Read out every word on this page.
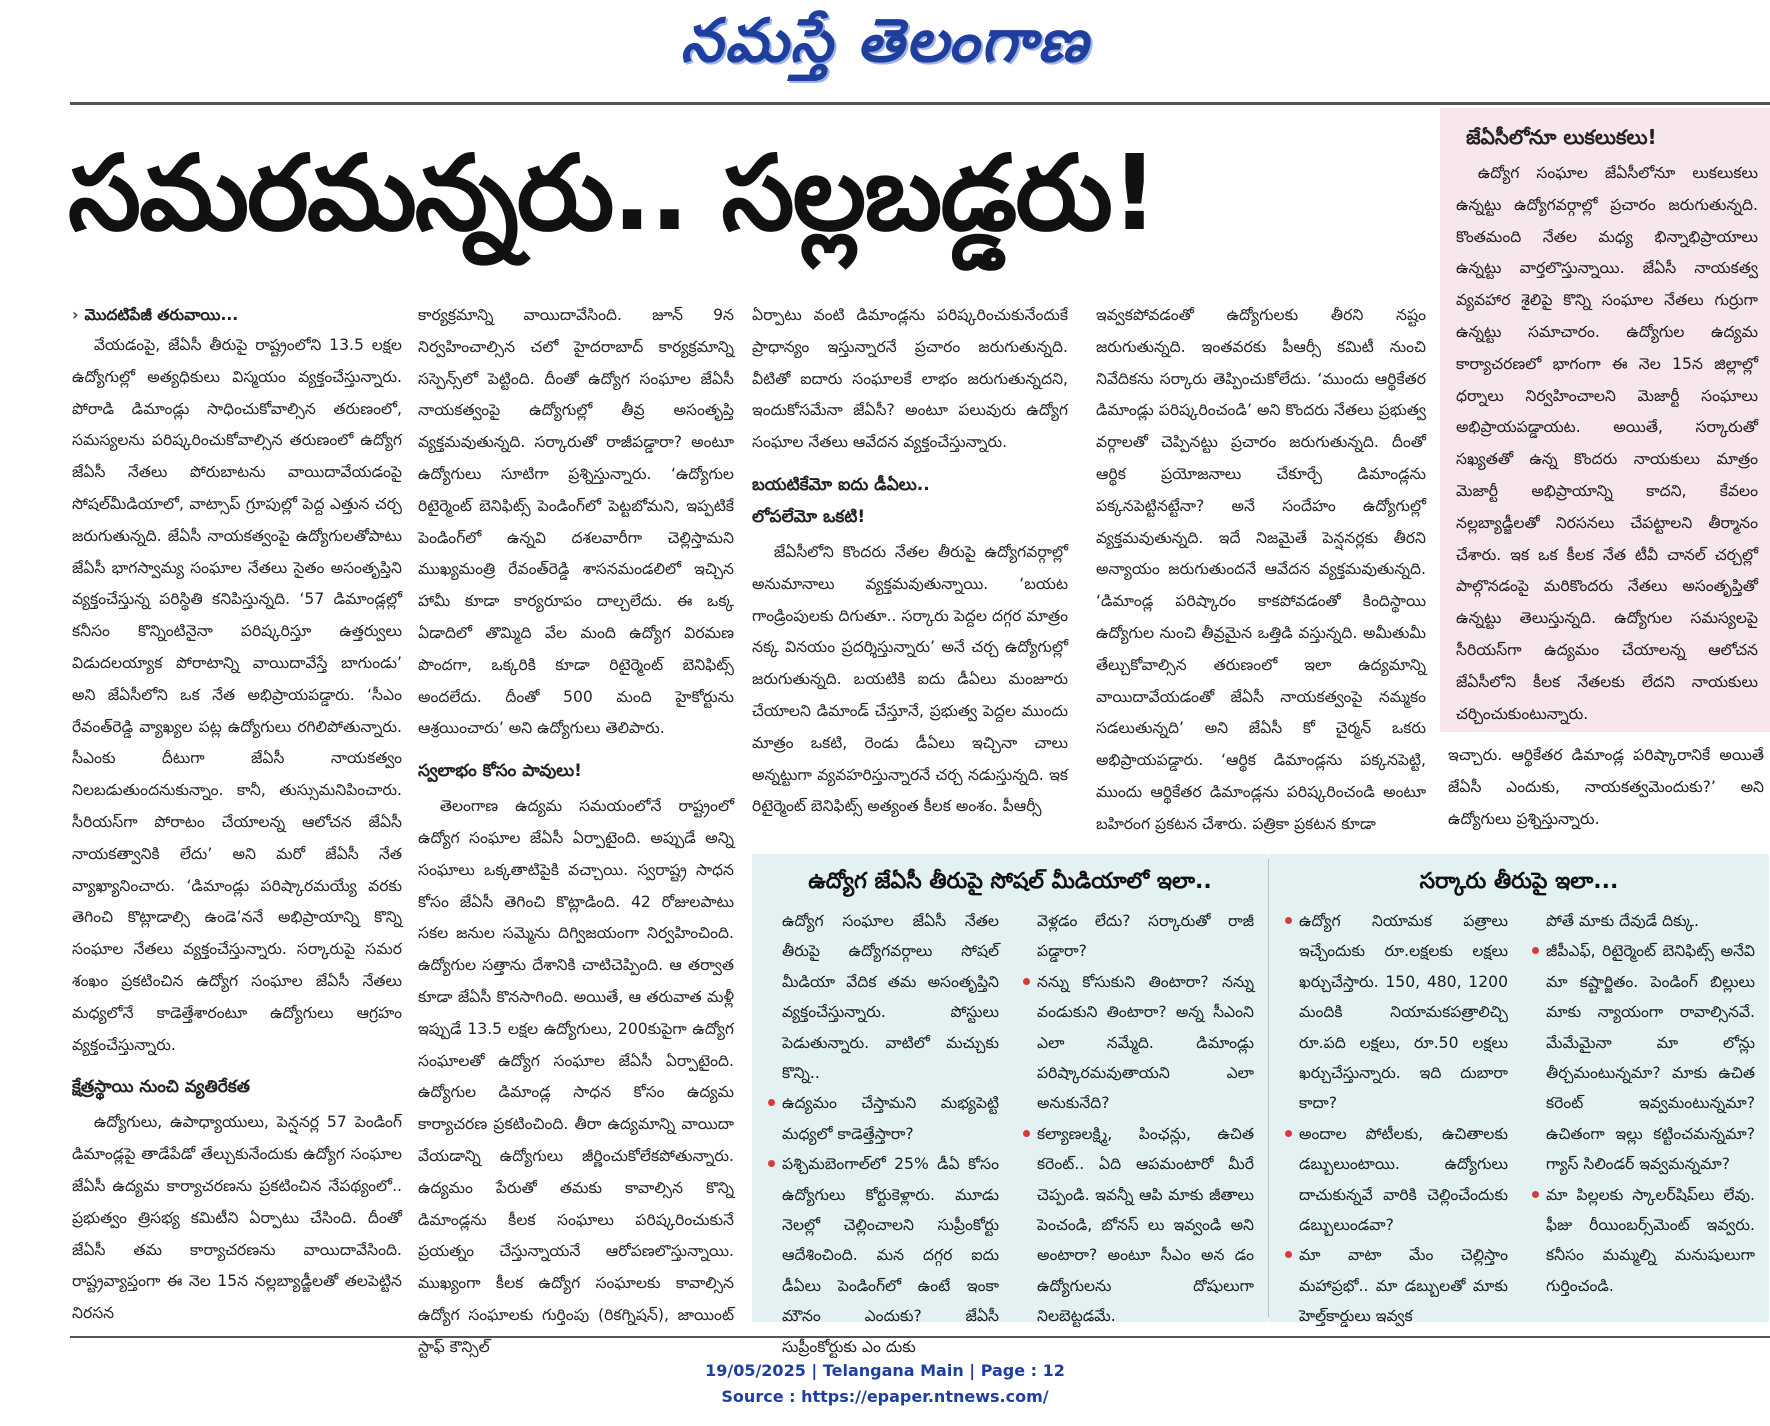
నమస్తే తెలంగాణ
సమరమన్నరు.. సల్లబడ్డరు!
› మొదటిపేజీ తరువాయి...

వేయడంపై, జేఏసీ తీరుపై రాష్ట్రంలోని 13.5 లక్షల ఉద్యోగుల్లో అత్యధికులు విస్మయం వ్యక్తంచేస్తున్నారు. పోరాడి డిమాండ్లు సాధించుకోవాల్సిన తరుణంలో, సమస్యలను పరిష్కరించుకోవాల్సిన తరుణంలో ఉద్యోగ జేఏసీ నేతలు పోరుబాటను వాయిదావేయడంపై సోషల్‌మీడియాలో, వాట్సాప్ గ్రూపుల్లో పెద్ద ఎత్తున చర్చ జరుగుతున్నది. జేఏసీ నాయకత్వంపై ఉద్యోగులతోపాటు జేఏసీ భాగస్వామ్య సంఘాల నేతలు సైతం అసంతృప్తిని వ్యక్తంచేస్తున్న పరిస్థితి కనిపిస్తున్నది. ‘57 డిమాండ్లల్లో కనీసం కొన్నింటినైనా పరిష్కరిస్తూ ఉత్తర్వులు విడుదలయ్యాక పోరాటాన్ని వాయిదావేస్తే బాగుండు’ అని జేఏసీలోని ఒక నేత అభిప్రాయపడ్డారు. ‘సీఎం రేవంత్‌రెడ్డి వ్యాఖ్యల పట్ల ఉద్యోగులు రగిలిపోతున్నారు. సీఎంకు దీటుగా జేఏసీ నాయకత్వం నిలబడుతుందనుకున్నాం. కానీ, తుస్సుమనిపించారు. సీరియస్‌గా పోరాటం చేయాలన్న ఆలోచన జేఏసీ నాయకత్వానికి లేదు’ అని మరో జేఏసీ నేత వ్యాఖ్యానించారు. ‘డిమాండ్లు పరిష్కారమయ్యే వరకు తెగించి కొట్లాడాల్సి ఉండె’ననే అభిప్రాయాన్ని కొన్ని సంఘాల నేతలు వ్యక్తంచేస్తున్నారు. సర్కారుపై సమర శంఖం ప్రకటించిన ఉద్యోగ సంఘాల జేఏసీ నేతలు మధ్యలోనే కాడెత్తేశారంటూ ఉద్యోగులు ఆగ్రహం వ్యక్తంచేస్తున్నారు.

క్షేత్రస్థాయి నుంచి వ్యతిరేకత

ఉద్యోగులు, ఉపాధ్యాయులు, పెన్షనర్ల 57 పెండింగ్ డిమాండ్లపై తాడేపేడో తేల్చుకునేందుకు ఉద్యోగ సంఘాల జేఏసీ ఉద్యమ కార్యాచరణను ప్రకటించిన నేపథ్యంలో.. ప్రభుత్వం త్రిసభ్య కమిటీని ఏర్పాటు చేసింది. దీంతో జేఏసీ తమ కార్యాచరణను వాయిదావేసింది. రాష్ట్రవ్యాప్తంగా ఈ నెల 15న నల్లబ్యాడ్జీలతో తలపెట్టిన నిరసన

కార్యక్రమాన్ని వాయిదావేసింది. జూన్ 9న నిర్వహించాల్సిన చలో హైదరాబాద్ కార్యక్రమాన్ని సస్పెన్స్‌లో పెట్టింది. దీంతో ఉద్యోగ సంఘాల జేఏసీ నాయకత్వంపై ఉద్యోగుల్లో తీవ్ర అసంతృప్తి వ్యక్తమవుతున్నది. సర్కారుతో రాజీపడ్డారా? అంటూ ఉద్యోగులు సూటిగా ప్రశ్నిస్తున్నారు. ‘ఉద్యోగుల రిటైర్మెంట్ బెనిఫిట్స్ పెండింగ్‌లో పెట్టబోమని, ఇప్పటికే పెండింగ్‌లో ఉన్నవి దశలవారీగా చెల్లిస్తామని ముఖ్యమంత్రి రేవంత్‌రెడ్డి శాసనమండలిలో ఇచ్చిన హామీ కూడా కార్యరూపం దాల్చలేదు. ఈ ఒక్క ఏడాదిలో తొమ్మిది వేల మంది ఉద్యోగ విరమణ పొందగా, ఒక్కరికి కూడా రిటైర్మెంట్ బెనిఫిట్స్ అందలేదు. దీంతో 500 మంది హైకోర్టును ఆశ్రయించారు’ అని ఉద్యోగులు తెలిపారు.

స్వలాభం కోసం పావులు!

తెలంగాణ ఉద్యమ సమయంలోనే రాష్ట్రంలో ఉద్యోగ సంఘాల జేఏసీ ఏర్పాటైంది. అప్పుడే అన్ని సంఘాలు ఒక్కతాటిపైకి వచ్చాయి. స్వరాష్ట్ర సాధన కోసం జేఏసీ తెగించి కొట్లాడింది. 42 రోజులపాటు సకల జనుల సమ్మెను దిగ్విజయంగా నిర్వహించింది. ఉద్యోగుల సత్తాను దేశానికి చాటిచెప్పింది. ఆ తర్వాత కూడా జేఏసీ కొనసాగింది. అయితే, ఆ తరువాత మళ్లీ ఇప్పుడే 13.5 లక్షల ఉద్యోగులు, 200కుపైగా ఉద్యోగ సంఘాలతో ఉద్యోగ సంఘాల జేఏసీ ఏర్పాటైంది. ఉద్యోగుల డిమాండ్ల సాధన కోసం ఉద్యమ కార్యాచరణ ప్రకటించింది. తీరా ఉద్యమాన్ని వాయిదా వేయడాన్ని ఉద్యోగులు జీర్ణించుకోలేకపోతున్నారు. ఉద్యమం పేరుతో తమకు కావాల్సిన కొన్ని డిమాండ్లను కీలక సంఘాలు పరిష్కరించుకునే ప్రయత్నం చేస్తున్నాయనే ఆరోపణలొస్తున్నాయి. ముఖ్యంగా కీలక ఉద్యోగ సంఘాలకు కావాల్సిన ఉద్యోగ సంఘాలకు గుర్తింపు (రికగ్నిషన్), జాయింట్ స్టాఫ్ కౌన్సిల్

ఏర్పాటు వంటి డిమాండ్లను పరిష్కరించుకునేందుకే ప్రాధాన్యం ఇస్తున్నారనే ప్రచారం జరుగుతున్నది. వీటితో ఐదారు సంఘాలకే లాభం జరుగుతున్నదని, ఇందుకోసమేనా జేఏసీ? అంటూ పలువురు ఉద్యోగ సంఘాల నేతలు ఆవేదన వ్యక్తంచేస్తున్నారు.

బయటికేమో ఐదు డీఏలు..
లోపలేమో ఒకటి!

జేఏసీలోని కొందరు నేతల తీరుపై ఉద్యోగవర్గాల్లో అనుమానాలు వ్యక్తమవుతున్నాయి. ‘బయట గాండ్రింపులకు దిగుతూ.. సర్కారు పెద్దల దగ్గర మాత్రం నక్క వినయం ప్రదర్శిస్తున్నారు’ అనే చర్చ ఉద్యోగుల్లో జరుగుతున్నది. బయటికి ఐదు డీఏలు మంజూరు చేయాలని డిమాండ్ చేస్తూనే, ప్రభుత్వ పెద్దల ముందు మాత్రం ఒకటి, రెండు డీఏలు ఇచ్చినా చాలు అన్నట్టుగా వ్యవహరిస్తున్నారనే చర్చ నడుస్తున్నది. ఇక రిటైర్మెంట్ బెనిఫిట్స్ అత్యంత కీలక అంశం. పీఆర్సీ

ఇవ్వకపోవడంతో ఉద్యోగులకు తీరని నష్టం జరుగుతున్నది. ఇంతవరకు పీఆర్సీ కమిటీ నుంచి నివేదికను సర్కారు తెప్పించుకోలేదు. ‘ముందు ఆర్థికేతర డిమాండ్లు పరిష్కరించండి’ అని కొందరు నేతలు ప్రభుత్వ వర్గాలతో చెప్పినట్టు ప్రచారం జరుగుతున్నది. దీంతో ఆర్థిక ప్రయోజనాలు చేకూర్చే డిమాండ్లను పక్కనపెట్టినట్టేనా? అనే సందేహం ఉద్యోగుల్లో వ్యక్తమవుతున్నది. ఇదే నిజమైతే పెన్షనర్లకు తీరని అన్యాయం జరుగుతుందనే ఆవేదన వ్యక్తమవుతున్నది. ‘డిమాండ్ల పరిష్కారం కాకపోవడంతో కిందిస్థాయి ఉద్యోగుల నుంచి తీవ్రమైన ఒత్తిడి వస్తున్నది. అమీతుమీ తేల్చుకోవాల్సిన తరుణంలో ఇలా ఉద్యమాన్ని వాయిదావేయడంతో జేఏసీ నాయకత్వంపై నమ్మకం సడలుతున్నది’ అని జేఏసీ కో చైర్మన్ ఒకరు అభిప్రాయపడ్డారు. ‘ఆర్థిక డిమాండ్లను పక్కనపెట్టి, ముందు ఆర్థికేతర డిమాండ్లను పరిష్కరించండి అంటూ బహిరంగ ప్రకటన చేశారు. పత్రికా ప్రకటన కూడా

జేఏసీలోనూ లుకలుకలు!

ఉద్యోగ సంఘాల జేఏసీలోనూ లుకలుకలు ఉన్నట్టు ఉద్యోగవర్గాల్లో ప్రచారం జరుగుతున్నది. కొంతమంది నేతల మధ్య భిన్నాభిప్రాయాలు ఉన్నట్టు వార్తలొస్తున్నాయి. జేఏసీ నాయకత్వ వ్యవహార శైలిపై కొన్ని సంఘాల నేతలు గుర్రుగా ఉన్నట్టు సమాచారం. ఉద్యోగుల ఉద్యమ కార్యాచరణలో భాగంగా ఈ నెల 15న జిల్లాల్లో ధర్నాలు నిర్వహించాలని మెజార్టీ సంఘాలు అభిప్రాయపడ్డాయట. అయితే, సర్కారుతో సఖ్యతతో ఉన్న కొందరు నాయకులు మాత్రం మెజార్టీ అభిప్రాయాన్ని కాదని, కేవలం నల్లబ్యాడ్జీలతో నిరసనలు చేపట్టాలని తీర్మానం చేశారు. ఇక ఒక కీలక నేత టీవీ చానల్ చర్చల్లో పాల్గొనడంపై మరికొందరు నేతలు అసంతృప్తితో ఉన్నట్టు తెలుస్తున్నది. ఉద్యోగుల సమస్యలపై సీరియస్‌గా ఉద్యమం చేయాలన్న ఆలోచన జేఏసీలోని కీలక నేతలకు లేదని నాయకులు చర్చించుకుంటున్నారు.

ఇచ్చారు. ఆర్థికేతర డిమాండ్ల పరిష్కారానికే అయితే జేఏసీ ఎందుకు, నాయకత్వమెందుకు?’ అని ఉద్యోగులు ప్రశ్నిస్తున్నారు.
ఉద్యోగ జేఏసీ తీరుపై సోషల్ మీడియాలో ఇలా..
ఉద్యోగ సంఘాల జేఏసీ నేతల తీరుపై ఉద్యోగవర్గాలు సోషల్ మీడియా వేదిక తమ అసంతృప్తిని వ్యక్తంచేస్తున్నారు. పోస్టులు పెడుతున్నారు. వాటిలో మచ్చుకు కొన్ని..
ఉద్యమం చేస్తామని మభ్యపెట్టి మధ్యలో కాడెత్తేస్తారా?
పశ్చిమబెంగాల్‌లో 25% డీఏ కోసం ఉద్యోగులు కోర్టుకెళ్లారు. మూడు నెలల్లో చెల్లించాలని సుప్రీంకోర్టు ఆదేశించింది. మన దగ్గర ఐదు డీఏలు పెండింగ్‌లో ఉంటే ఇంకా మౌనం ఎందుకు? జేఏసీ సుప్రీంకోర్టుకు ఎం దుకు
వెళ్లడం లేదు? సర్కారుతో రాజీ పడ్డారా?
నన్ను కోసుకుని తింటారా? నన్ను వండుకుని తింటారా? అన్న సీఎంని ఎలా నమ్మేది. డిమాండ్లు పరిష్కారమవుతాయని ఎలా అనుకునేది?
కల్యాణలక్ష్మి, పింఛన్లు, ఉచిత కరెంట్.. ఏది ఆపమంటారో మీరే చెప్పండి. ఇవన్నీ ఆపి మాకు జీతాలు పెంచండి, బోనస్ లు ఇవ్వండి అని అంటారా? అంటూ సీఎం అన డం ఉద్యోగులను దోషులుగా నిలబెట్టడమే.
సర్కారు తీరుపై ఇలా...
ఉద్యోగ నియామక పత్రాలు ఇచ్చేందుకు రూ.లక్షలకు లక్షలు ఖర్చుచేస్తారు. 150, 480, 1200 మందికి నియామకపత్రాలిచ్చి రూ.పది లక్షలు, రూ.50 లక్షలు ఖర్చుచేస్తున్నారు. ఇది దుబారా కాదా?
అందాల పోటీలకు, ఉచితాలకు డబ్బులుంటాయి. ఉద్యోగులు దాచుకున్నవే వారికి చెల్లించేందుకు డబ్బులుండవా?
మా వాటా మేం చెల్లిస్తాం మహాప్రభో.. మా డబ్బులతో మాకు హెల్త్‌కార్డులు ఇవ్వక
పోతే మాకు దేవుడే దిక్కు.
జీపీఎఫ్, రిటైర్మెంట్ బెనిఫిట్స్ అనేవి మా కష్టార్జితం. పెండింగ్ బిల్లులు మాకు న్యాయంగా రావాల్సినవే. మేమేమైనా మా లోన్లు తీర్చమంటున్నమా? మాకు ఉచిత కరెంట్ ఇవ్వమంటున్నమా? ఉచితంగా ఇల్లు కట్టించమన్నమా? గ్యాస్ సిలిండర్ ఇవ్వమన్నమా?
మా పిల్లలకు స్కాలర్‌షిప్‌లు లేవు. ఫీజు రీయింబర్స్‌మెంట్ ఇవ్వరు. కనీసం మమ్మల్ని మనుషులుగా గుర్తించండి.
19/05/2025 | Telangana Main | Page : 12
Source : https://epaper.ntnews.com/
